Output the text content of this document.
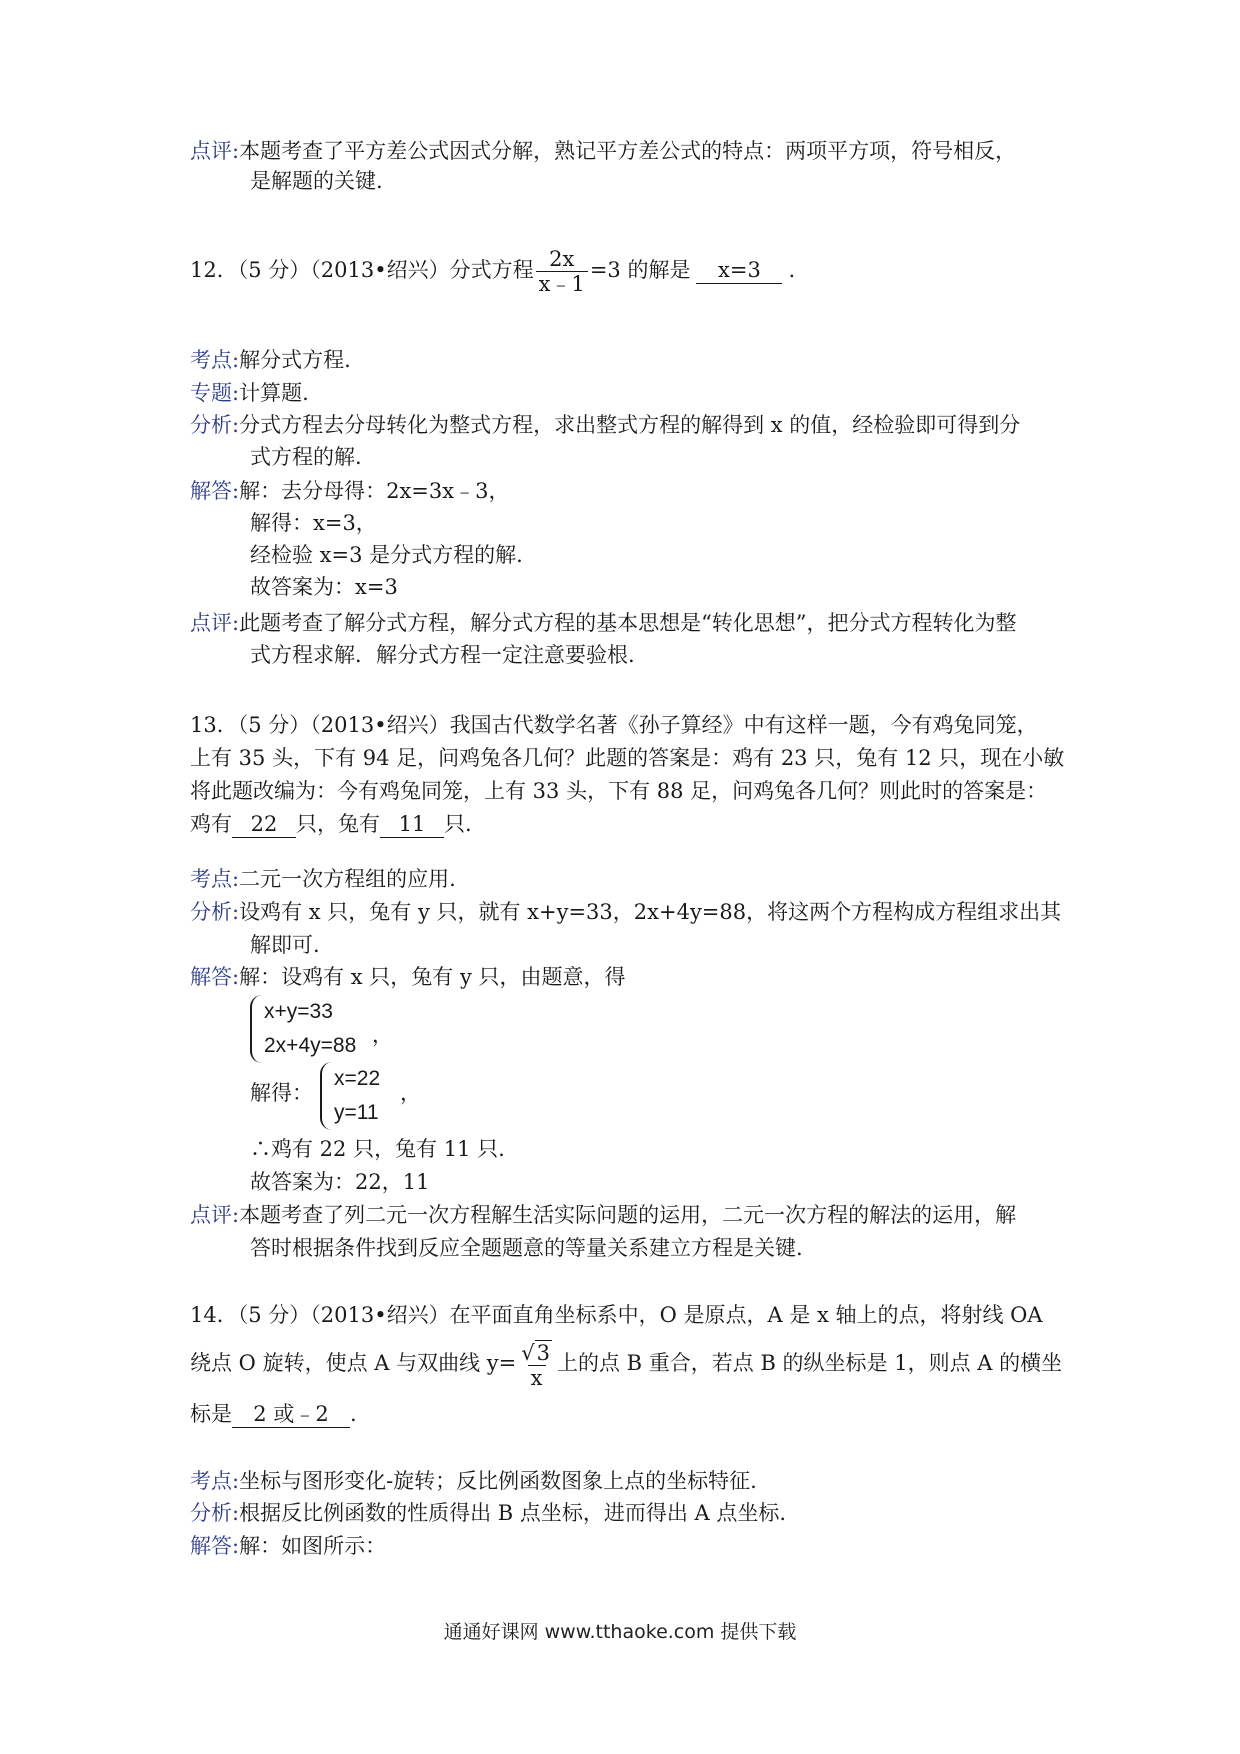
点评:本题考查了平方差公式因式分解，熟记平方差公式的特点：两项平方项，符号相反，
是解题的关键.
12．（5 分）（2013•绍兴）分式方程 $\frac{2x}{x﹣1} =3$ 的解是 x=3 .
考点:解分式方程.
专题:计算题.
分析:分式方程去分母转化为整式方程，求出整式方程的解得到 x 的值，经检验即可得到分
式方程的解.
解答:解：去分母得：2x=3x﹣3，
解得：x=3，
经检验 x=3 是分式方程的解.
故答案为：x=3
点评:此题考查了解分式方程，解分式方程的基本思想是“转化思想”，把分式方程转化为整
式方程求解．解分式方程一定注意要验根.
13．（5 分）（2013•绍兴）我国古代数学名著《孙子算经》中有这样一题，今有鸡兔同笼，
上有 35 头，下有 94 足，问鸡兔各几何？此题的答案是：鸡有 23 只，兔有 12 只，现在小敏
将此题改编为：今有鸡兔同笼，上有 33 头，下有 88 足，问鸡兔各几何？则此时的答案是：
鸡有 22 只，兔有 11 只.
考点:二元一次方程组的应用.
分析:设鸡有 x 只，兔有 y 只，就有 x+y=33，2x+4y=88，将这两个方程构成方程组求出其
解即可.
解答:解：设鸡有 x 只，兔有 y 只，由题意，得
x+y=33
2x+4y=88 ，
解得：
x=22
y=11
，
∴鸡有 22 只，兔有 11 只.
故答案为：22，11
点评:本题考查了列二元一次方程解生活实际问题的运用，二元一次方程的解法的运用，解
答时根据条件找到反应全题题意的等量关系建立方程是关键.
14．（5 分）（2013•绍兴）在平面直角坐标系中，O 是原点，A 是 x 轴上的点，将射线 OA
绕点 O 旋转，使点 A 与双曲线 $y= \frac{√3}{x}$ 上的点 B 重合，若点 B 的纵坐标是 1，则点 A 的横坐
标是 2 或﹣2 .
考点:坐标与图形变化-旋转；反比例函数图象上点的坐标特征.
分析:根据反比例函数的性质得出 B 点坐标，进而得出 A 点坐标.
解答:解：如图所示：
通通好课网 www.tthaoke.com 提供下载
